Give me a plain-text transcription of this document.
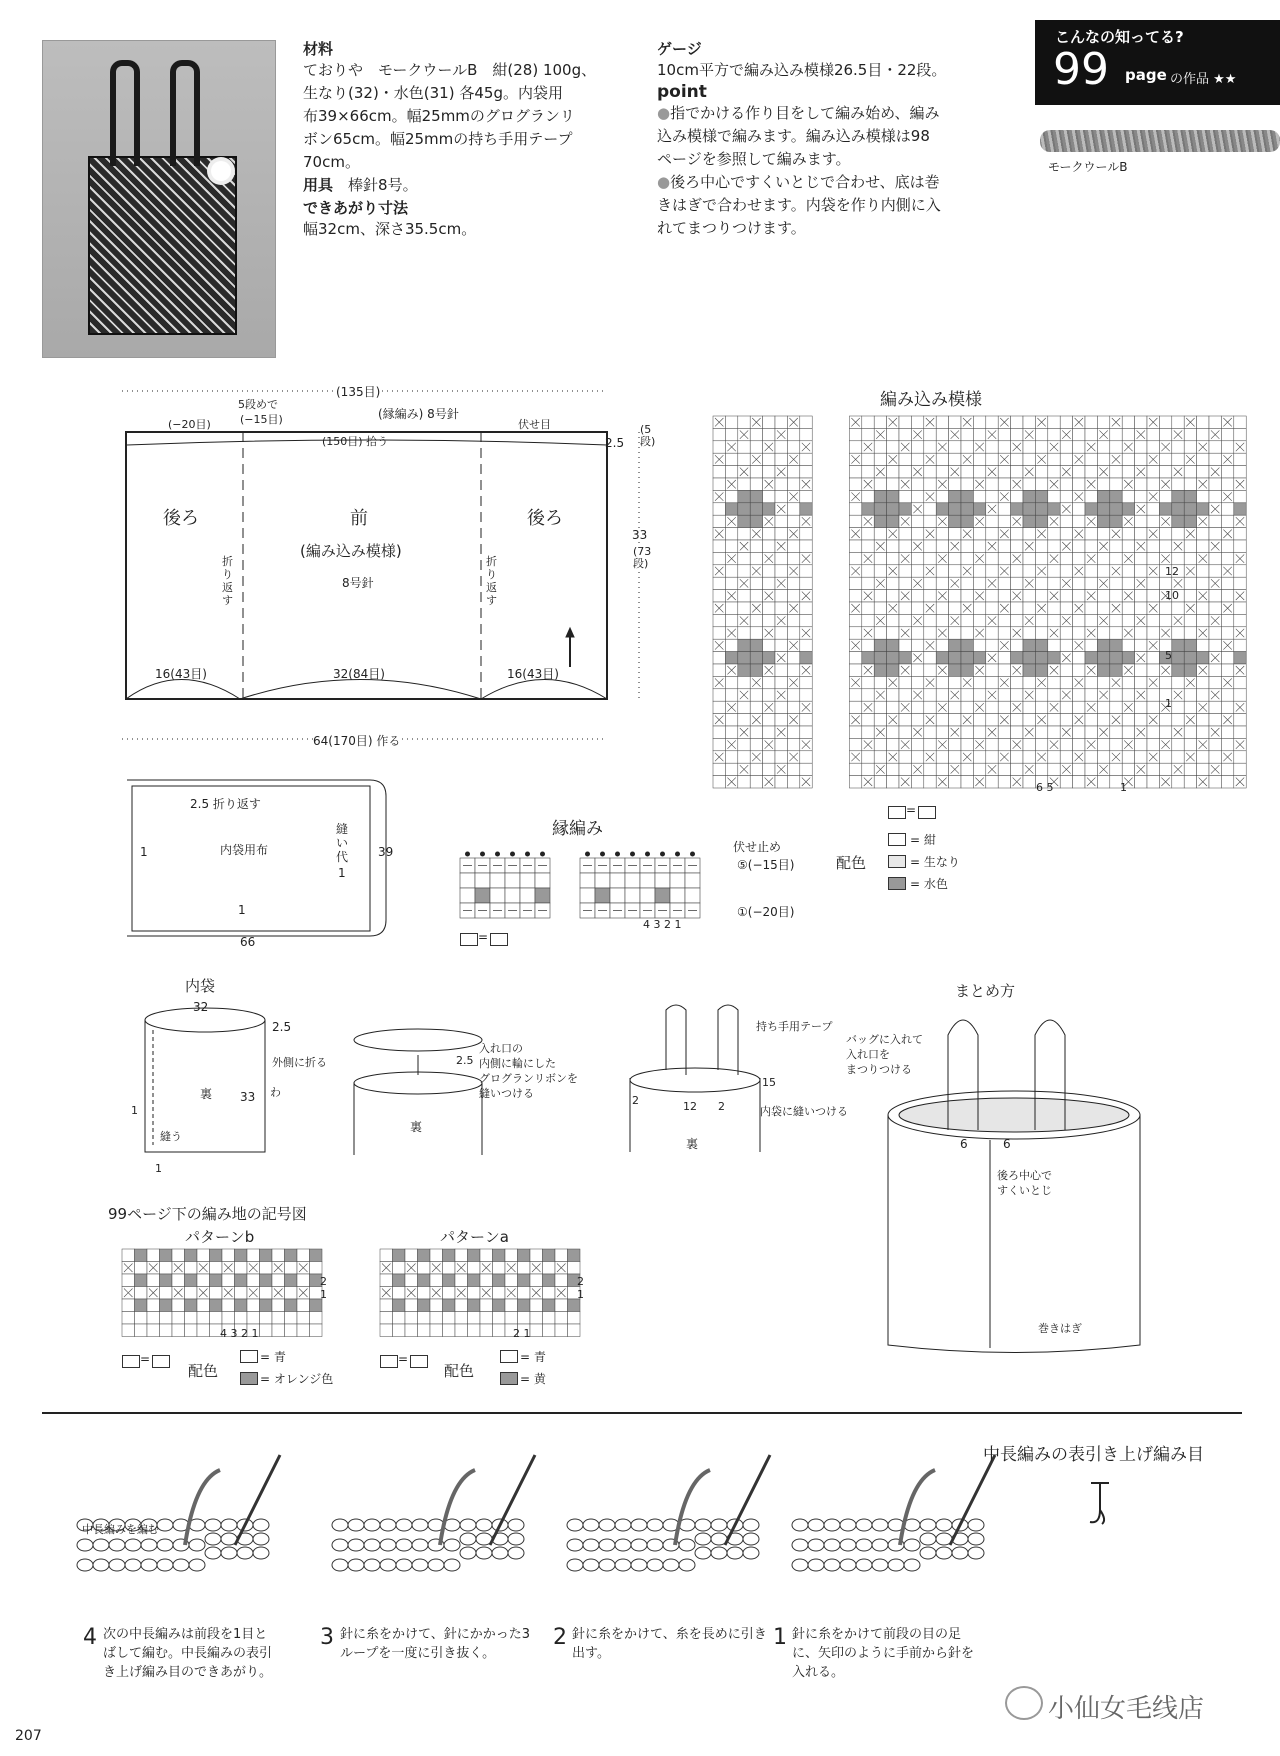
材料
ておりや　モークウールB　紺(28) 100g、
生なり(32)・水色(31) 各45g。内袋用
布39×66cm。幅25mmのグログランリ
ボン65cm。幅25mmの持ち手用テープ
70cm。
用具　 棒針8号。
できあがり寸法
幅32cm、深さ35.5cm。
ゲージ
10cm平方で編み込み模様26.5目・22段。
point
●指でかける作り目をして編み始め、編み
込み模様で編みます。編み込み模様は98
ページを参照して編みます。
●後ろ中心ですくいとじで合わせ、底は巻
きはぎで合わせます。内袋を作り内側に入
れてまつりつけます。
こんなの知ってる?
99 page の作品 ★★
モークウールB
(135目)
5段めで
(−15目)
(−20目)
(縁編み) 8号針
伏せ目
(150目) 拾う
後ろ	前	後ろ
(編み込み模様)
8号針
折り返す
折り返す
16(43目)	32(84目)	16(43目)
64(170目) 作る
2.5
(5段)
33
(73段)
編み込み模様
12
10
5
1
6 5	1
=
配色
= 紺
= 生なり
= 水色
2.5 折り返す
内袋用布
縫い代
1
1
1
66
39
縁編み
伏せ止め
⑤(−15目)
①(−20目)
4 3 2 1
=
内袋
32
2.5
外側に折る
わ
裏 33
縫う
1
1
入れ口の
内側に輪にした
グログランリボンを
縫いつける
2.5
裏
持ち手用テープ
15
2	12 2	内袋に縫いつける
裏
まとめ方
バッグに入れて
入れ口を
まつりつける
6	6
後ろ中心で
すくいとじ
巻きはぎ
99ページ下の編み地の記号図
パターンb	パターンa
4 3 2 1	2 1
2
1
2
1
=
配色
= 青
= オレンジ色
=
配色
= 青
= 黄
中長編みを編む
中長編みの表引き上げ編み目
4 次の中長編みは前段を1目と
ばして編む。中長編みの表引
き上げ編み目のできあがり。
3 針に糸をかけて、針にかかった3
ループを一度に引き抜く。
2 針に糸をかけて、糸を長めに引き
出す。
1 針に糸をかけて前段の目の足
に、矢印のように手前から針を
入れる。
207
小仙女毛线店
